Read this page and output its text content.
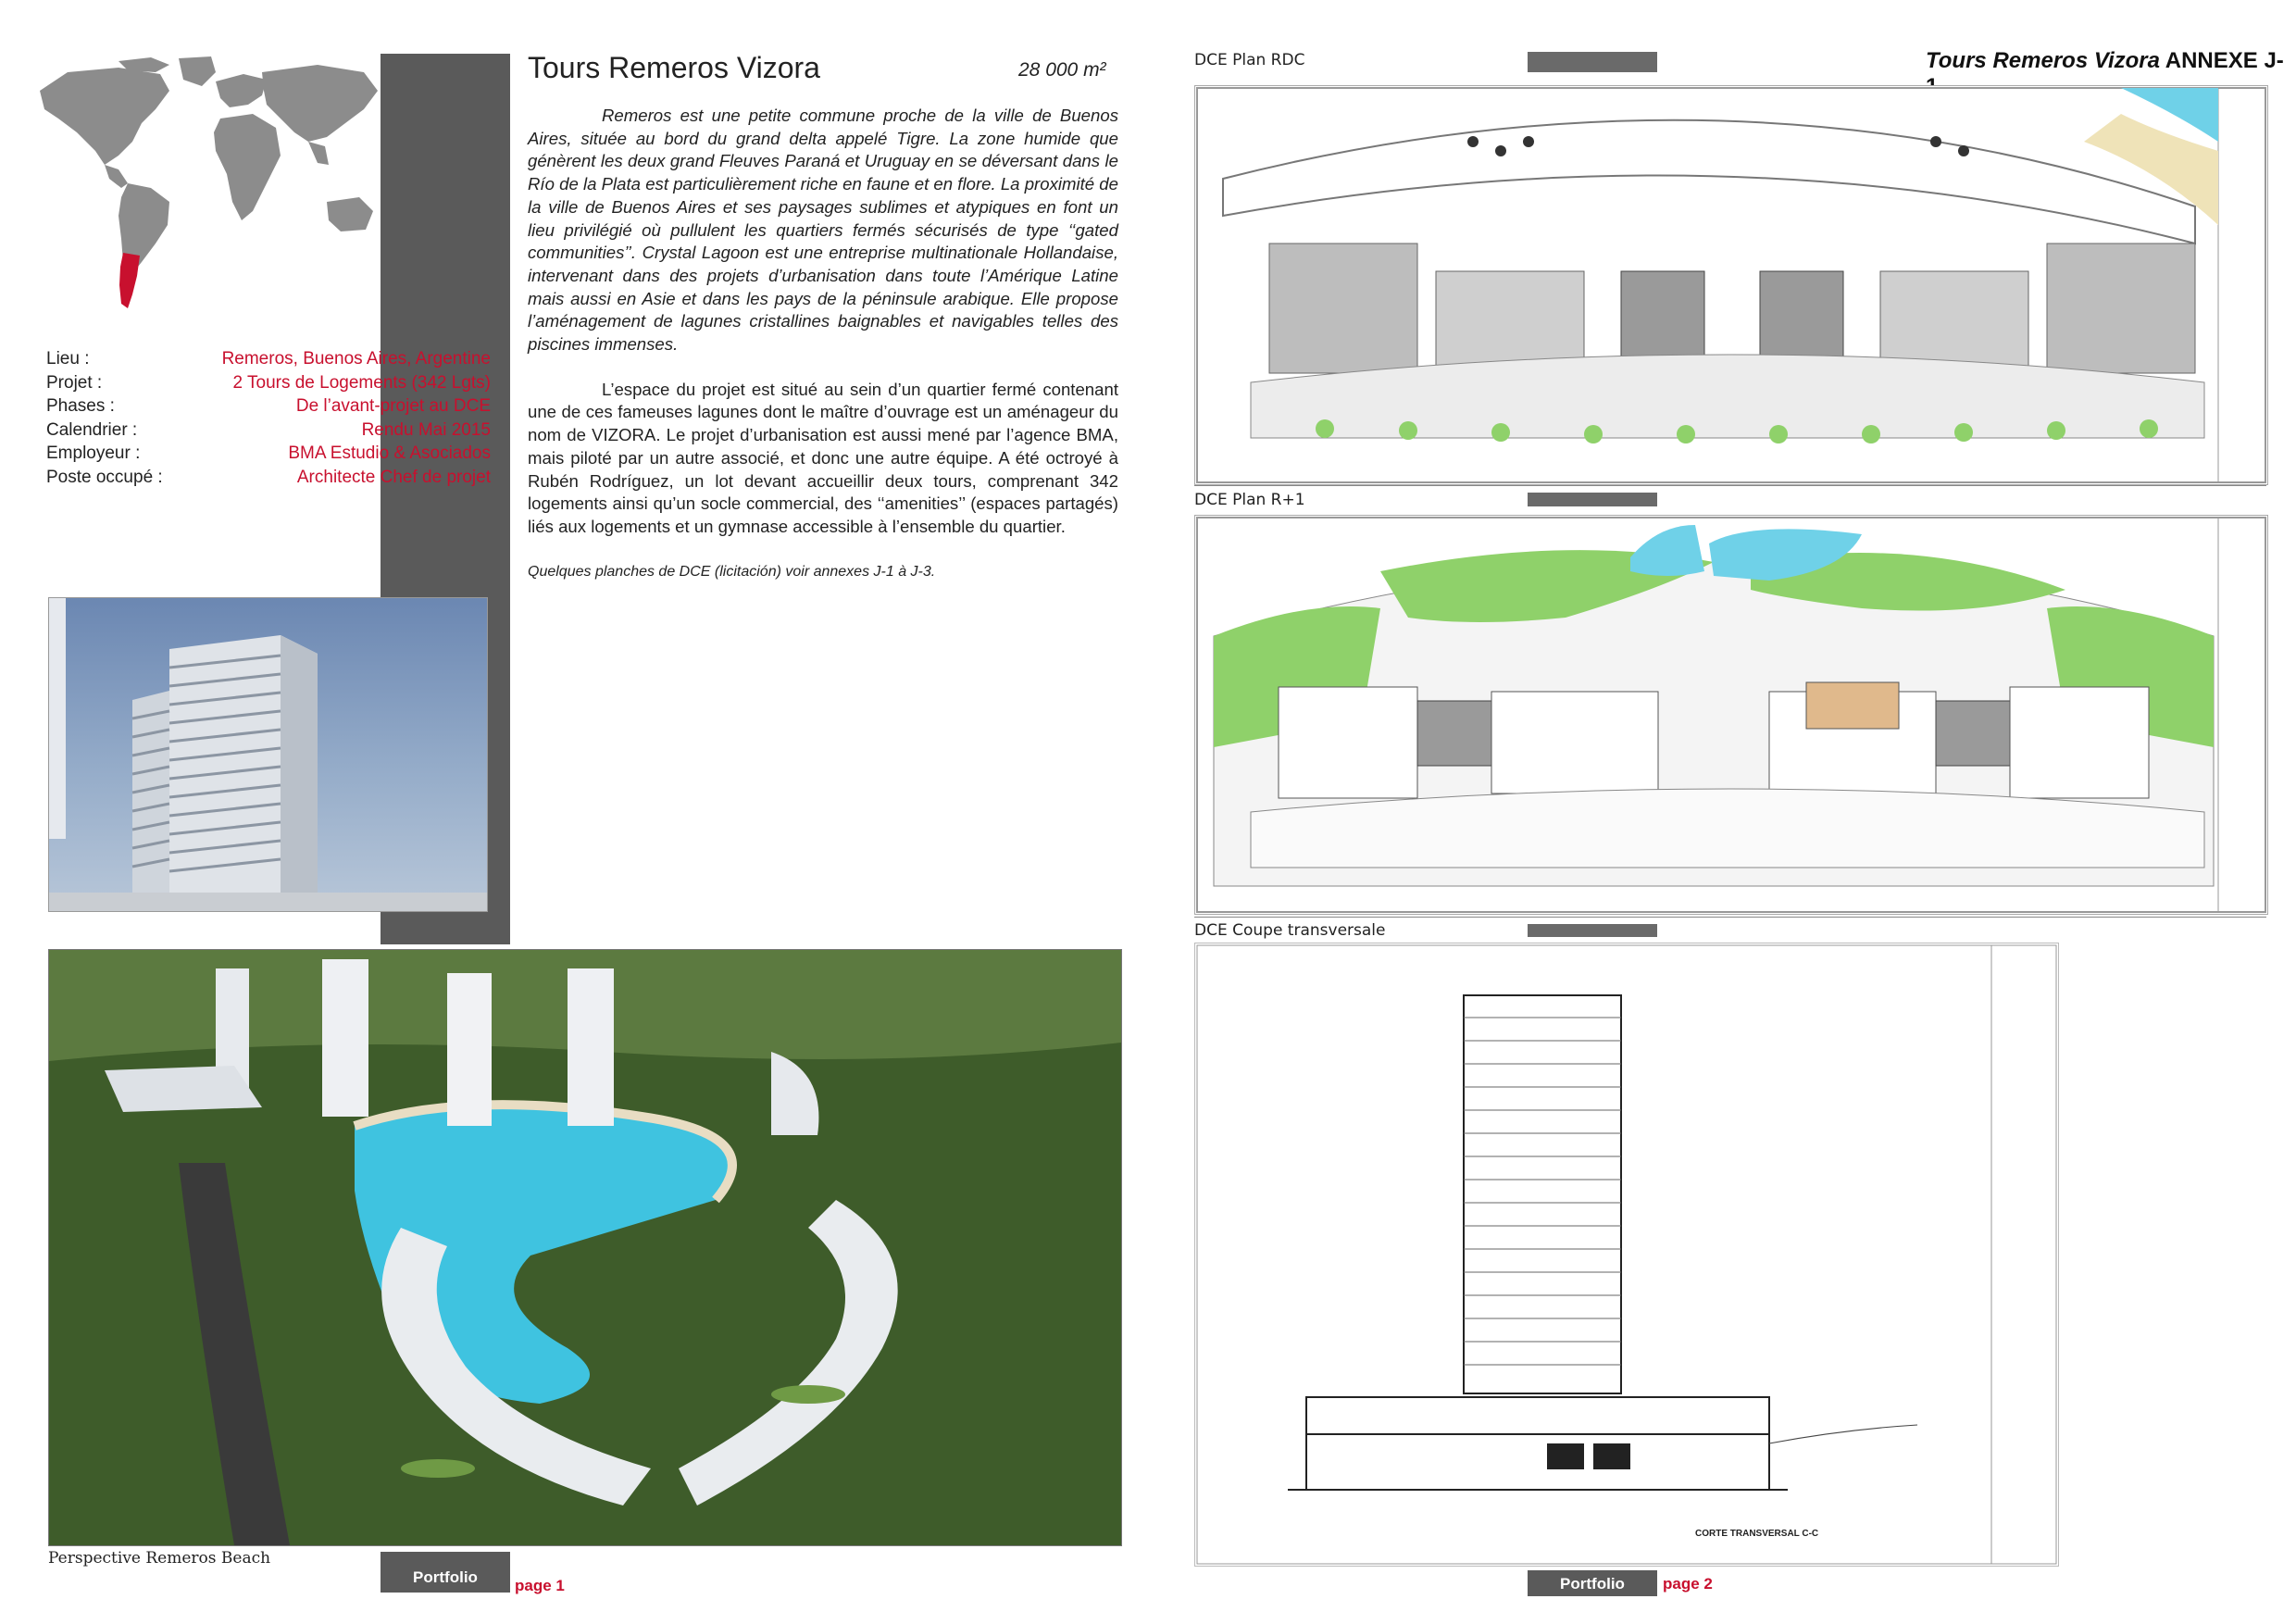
Lieu :	Remeros, Buenos Aires, Argentine
Projet :	2 Tours de Logements (342 Lgts)
Phases :	De l’avant-projet au DCE
Calendrier :	Rendu Mai 2015
Employeur :	BMA Estudio & Asociados
Poste occupé :	Architecte Chef de projet
Tours Remeros Vizora	28 000 m²

Remeros est une petite commune proche de la ville de Buenos Aires, située au bord du grand delta appelé Tigre. La zone humide que génèrent les deux grand Fleuves Paraná et Uruguay en se déversant dans le Río de la Plata est particulièrement riche en faune et en flore. La proximité de la ville de Buenos Aires et ses paysages sublimes et atypiques en font un lieu privilégié où pullulent les quartiers fermés sécurisés de type ‘‘gated communities’’. Crystal Lagoon est une entreprise multinationale Hollandaise, intervenant dans des projets d’urbanisation dans toute l’Amérique Latine mais aussi en Asie et dans les pays de la péninsule arabique. Elle propose l’aménagement de lagunes cristallines baignables et navigables telles des piscines immenses.

L’espace du projet est situé au sein d’un quartier fermé contenant une de ces fameuses lagunes dont le maître d’ouvrage est un aménageur du nom de VIZORA. Le projet d’urbanisation est aussi mené par l’agence BMA, mais piloté par un autre associé, et donc une autre équipe. A été octroyé à Rubén Rodríguez, un lot devant accueillir deux tours, comprenant 342 logements ainsi qu’un socle commercial, des ‘‘amenities’’ (espaces partagés) liés aux logements et un gymnase accessible à l’ensemble du quartier.

Quelques planches de DCE (licitación) voir annexes J-1 à J-3.

Perspective Remeros Beach
Portfolio	page 1
DCE Plan RDC	Tours Remeros Vizora ANNEXE J-
DCE Plan R+1
DCE Coupe transversale
CORTE TRANSVERSAL C-C
Portfolio	page 2
